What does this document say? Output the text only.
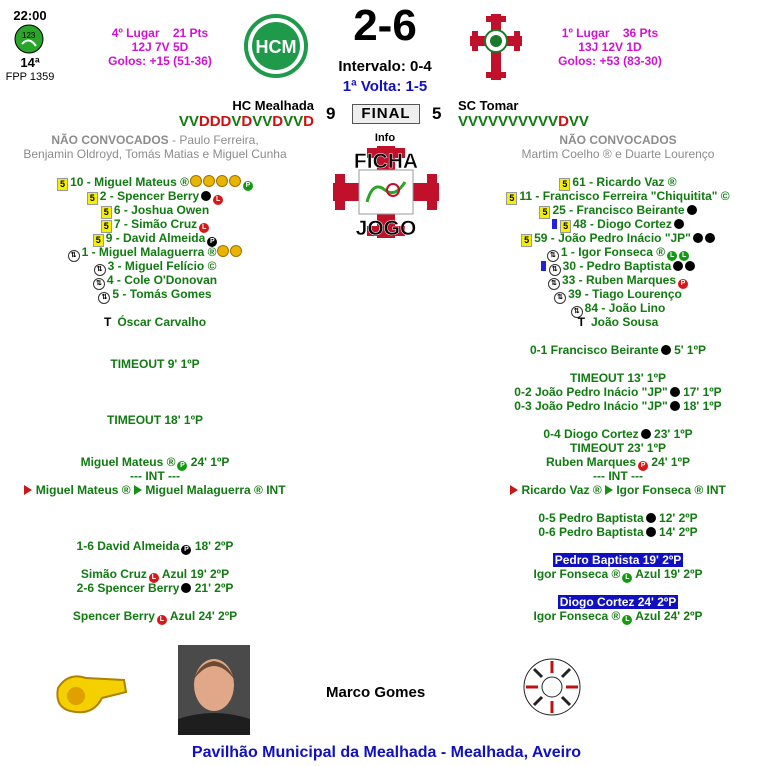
22:00
123
14ª
FPP 1359
4º Lugar 21 Pts
12J 7V 5D
Golos: +15 (51-36)
HCM	2-6
Intervalo: 0-4
1ª Volta: 1-5
1º Lugar 36 Pts
13J 12V 1D
Golos: +53 (83-30)
HC Mealhada 9	FINAL	5 SC Tomar
VVDDDVDVVDVVD	VVVVVVVVVVDVV
Info
FICHA
JOGO
NÃO CONVOCADOS - Paulo Ferreira,
Benjamin Oldroyd, Tomás Matias e Miguel Cunha
NÃO CONVOCADOS
Martim Coelho ® e Duarte Lourenço
5 10 - Miguel Mateus ®	P
5 2 - Spencer Berry L
5 6 - Joshua Owen
5 7 - Simão Cruz L
5 9 - David Almeida P
⇅ 1 - Miguel Malaguerra ®
⇅ 3 - Miguel Felício ©
⇅ 4 - Cole O'Donovan
⇅ 5 - Tomás Gomes
T Óscar Carvalho
5 61 - Ricardo Vaz ®
5 11 - Francisco Ferreira "Chiquitita" ©
5 25 - Francisco Beirante
5 48 - Diogo Cortez
5 59 - João Pedro Inácio "JP"
⇅ 1 - Igor Fonseca ® L L
⇅ 30 - Pedro Baptista
⇅ 33 - Ruben Marques P
⇅ 39 - Tiago Lourenço
⇅ 84 - João Lino
T João Sousa
TIMEOUT 9' 1ºP
TIMEOUT 18' 1ºP
Miguel Mateus ® P 24' 1ºP
--- INT ---
Miguel Mateus ® Miguel Malaguerra ® INT
1-6 David Almeida P 18' 2ºP
Simão Cruz L Azul 19' 2ºP
2-6 Spencer Berry 21' 2ºP
Spencer Berry L Azul 24' 2ºP
0-1 Francisco Beirante 5' 1ºP
TIMEOUT 13' 1ºP
0-2 João Pedro Inácio "JP" 17' 1ºP
0-3 João Pedro Inácio "JP" 18' 1ºP
0-4 Diogo Cortez 23' 1ºP
TIMEOUT 23' 1ºP
Ruben Marques P 24' 1ºP
--- INT ---
Ricardo Vaz ® Igor Fonseca ® INT
0-5 Pedro Baptista 12' 2ºP
0-6 Pedro Baptista 14' 2ºP
Pedro Baptista 19' 2ºP
Igor Fonseca ® L Azul 19' 2ºP
Diogo Cortez 24' 2ºP
Igor Fonseca ® L Azul 24' 2ºP
Marco Gomes
Pavilhão Municipal da Mealhada - Mealhada, Aveiro
